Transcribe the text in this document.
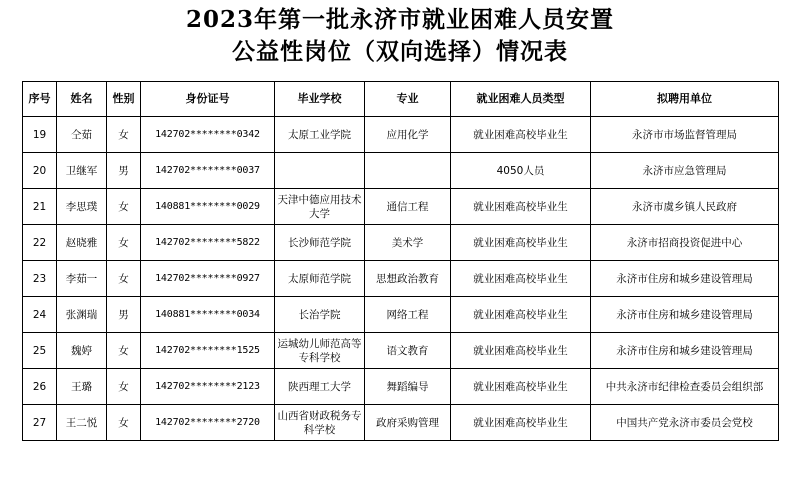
2023年第一批永济市就业困难人员安置
公益性岗位（双向选择）情况表
序号	姓名	性别	身份证号	毕业学校	专业	就业困难人员类型	拟聘用单位
19	仝茹	女	142702********0342	太原工业学院	应用化学	就业困难高校毕业生	永济市市场监督管理局
20	卫继军	男	142702********0037			4050人员	永济市应急管理局
21	李思璞	女	140881********0029	天津中德应用技术大学	通信工程	就业困难高校毕业生	永济市虞乡镇人民政府
22	赵晓雅	女	142702********5822	长沙师范学院	美术学	就业困难高校毕业生	永济市招商投资促进中心
23	李茹一	女	142702********0927	太原师范学院	思想政治教育	就业困难高校毕业生	永济市住房和城乡建设管理局
24	张渊瑞	男	140881********0034	长治学院	网络工程	就业困难高校毕业生	永济市住房和城乡建设管理局
25	魏婷	女	142702********1525	运城幼儿师范高等专科学校	语文教育	就业困难高校毕业生	永济市住房和城乡建设管理局
26	王璐	女	142702********2123	陕西理工大学	舞蹈编导	就业困难高校毕业生	中共永济市纪律检查委员会组织部
27	王二悦	女	142702********2720	山西省财政税务专科学校	政府采购管理	就业困难高校毕业生	中国共产党永济市委员会党校
